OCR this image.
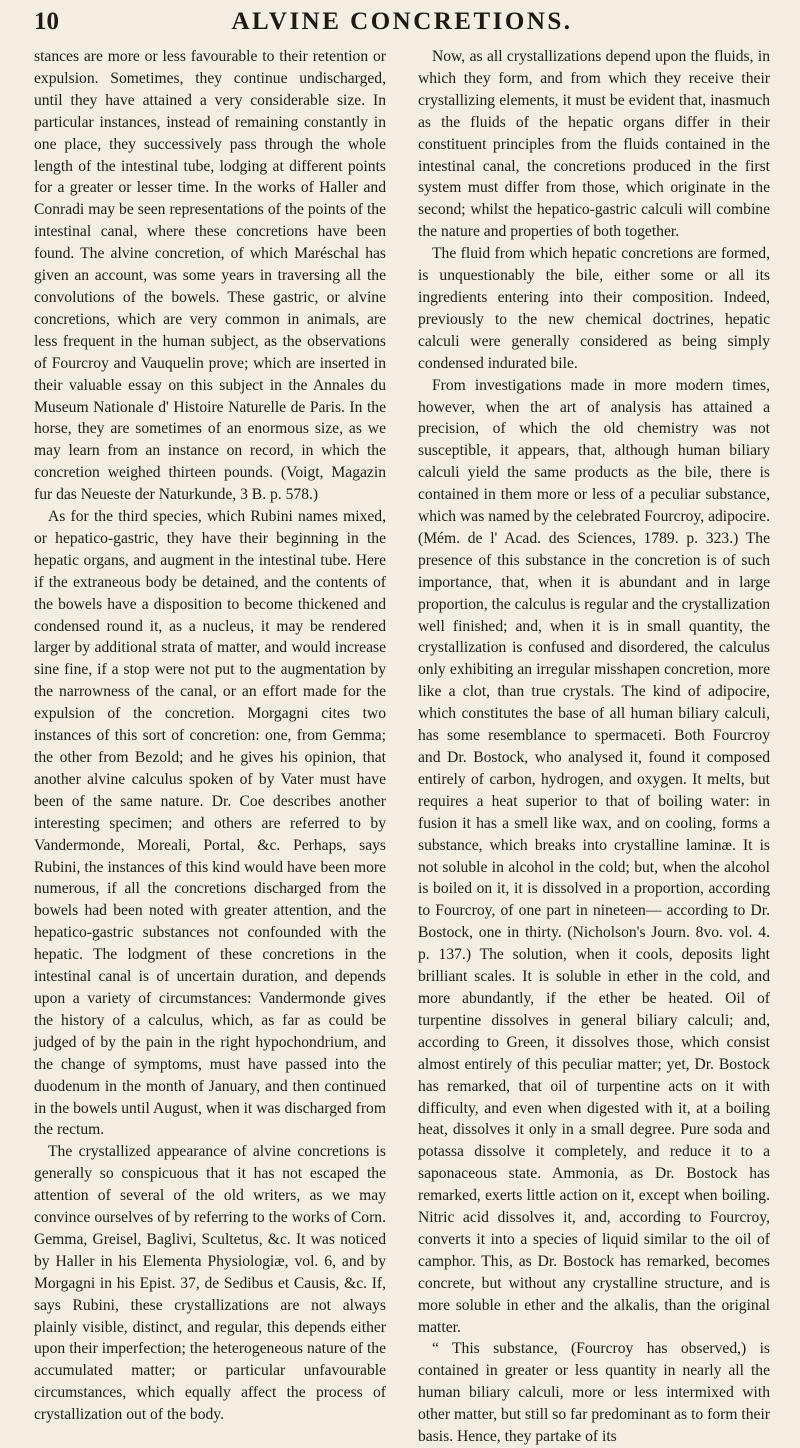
10	ALVINE CONCRETIONS.

stances are more or less favourable to their retention or expulsion. Sometimes, they continue undischarged, until they have attained a very considerable size. In particular instances, instead of remaining constantly in one place, they successively pass through the whole length of the intestinal tube, lodging at different points for a greater or lesser time. In the works of Haller and Conradi may be seen representations of the points of the intestinal canal, where these concretions have been found. The alvine concretion, of which Maréschal has given an account, was some years in traversing all the convolutions of the bowels. These gastric, or alvine concretions, which are very common in animals, are less frequent in the human subject, as the observations of Fourcroy and Vauquelin prove; which are inserted in their valuable essay on this subject in the Annales du Museum Nationale d' Histoire Naturelle de Paris. In the horse, they are sometimes of an enormous size, as we may learn from an instance on record, in which the concretion weighed thirteen pounds. (Voigt, Magazin fur das Neueste der Naturkunde, 3 B. p. 578.)

As for the third species, which Rubini names mixed, or hepatico-gastric, they have their beginning in the hepatic organs, and augment in the intestinal tube. Here if the extraneous body be detained, and the contents of the bowels have a disposition to become thickened and condensed round it, as a nucleus, it may be rendered larger by additional strata of matter, and would increase sine fine, if a stop were not put to the augmentation by the narrowness of the canal, or an effort made for the expulsion of the concretion. Morgagni cites two instances of this sort of concretion: one, from Gemma; the other from Bezold; and he gives his opinion, that another alvine calculus spoken of by Vater must have been of the same nature. Dr. Coe describes another interesting specimen; and others are referred to by Vandermonde, Moreali, Portal, &c. Perhaps, says Rubini, the instances of this kind would have been more numerous, if all the concretions discharged from the bowels had been noted with greater attention, and the hepatico-gastric substances not confounded with the hepatic. The lodgment of these concretions in the intestinal canal is of uncertain duration, and depends upon a variety of circumstances: Vandermonde gives the history of a calculus, which, as far as could be judged of by the pain in the right hypochondrium, and the change of symptoms, must have passed into the duodenum in the month of January, and then continued in the bowels until August, when it was discharged from the rectum.

The crystallized appearance of alvine concretions is generally so conspicuous that it has not escaped the attention of several of the old writers, as we may convince ourselves of by referring to the works of Corn. Gemma, Greisel, Baglivi, Scultetus, &c. It was noticed by Haller in his Elementa Physiologiæ, vol. 6, and by Morgagni in his Epist. 37, de Sedibus et Causis, &c. If, says Rubini, these crystallizations are not always plainly visible, distinct, and regular, this depends either upon their imperfection; the heterogeneous nature of the accumulated matter; or particular unfavourable circumstances, which equally affect the process of crystallization out of the body.

Now, as all crystallizations depend upon the fluids, in which they form, and from which they receive their crystallizing elements, it must be evident that, inasmuch as the fluids of the hepatic organs differ in their constituent principles from the fluids contained in the intestinal canal, the concretions produced in the first system must differ from those, which originate in the second; whilst the hepatico-gastric calculi will combine the nature and properties of both together.

The fluid from which hepatic concretions are formed, is unquestionably the bile, either some or all its ingredients entering into their composition. Indeed, previously to the new chemical doctrines, hepatic calculi were generally considered as being simply condensed indurated bile.

From investigations made in more modern times, however, when the art of analysis has attained a precision, of which the old chemistry was not susceptible, it appears, that, although human biliary calculi yield the same products as the bile, there is contained in them more or less of a peculiar substance, which was named by the celebrated Fourcroy, adipocire. (Mém. de l' Acad. des Sciences, 1789. p. 323.) The presence of this substance in the concretion is of such importance, that, when it is abundant and in large proportion, the calculus is regular and the crystallization well finished; and, when it is in small quantity, the crystallization is confused and disordered, the calculus only exhibiting an irregular misshapen concretion, more like a clot, than true crystals. The kind of adipocire, which constitutes the base of all human biliary calculi, has some resemblance to spermaceti. Both Fourcroy and Dr. Bostock, who analysed it, found it composed entirely of carbon, hydrogen, and oxygen. It melts, but requires a heat superior to that of boiling water: in fusion it has a smell like wax, and on cooling, forms a substance, which breaks into crystalline laminæ. It is not soluble in alcohol in the cold; but, when the alcohol is boiled on it, it is dissolved in a proportion, according to Fourcroy, of one part in nineteen— according to Dr. Bostock, one in thirty. (Nicholson's Journ. 8vo. vol. 4. p. 137.) The solution, when it cools, deposits light brilliant scales. It is soluble in ether in the cold, and more abundantly, if the ether be heated. Oil of turpentine dissolves in general biliary calculi; and, according to Green, it dissolves those, which consist almost entirely of this peculiar matter; yet, Dr. Bostock has remarked, that oil of turpentine acts on it with difficulty, and even when digested with it, at a boiling heat, dissolves it only in a small degree. Pure soda and potassa dissolve it completely, and reduce it to a saponaceous state. Ammonia, as Dr. Bostock has remarked, exerts little action on it, except when boiling. Nitric acid dissolves it, and, according to Fourcroy, converts it into a species of liquid similar to the oil of camphor. This, as Dr. Bostock has remarked, becomes concrete, but without any crystalline structure, and is more soluble in ether and the alkalis, than the original matter.

“ This substance, (Fourcroy has observed,) is contained in greater or less quantity in nearly all the human biliary calculi, more or less intermixed with other matter, but still so far predominant as to form their basis. Hence, they partake of its
